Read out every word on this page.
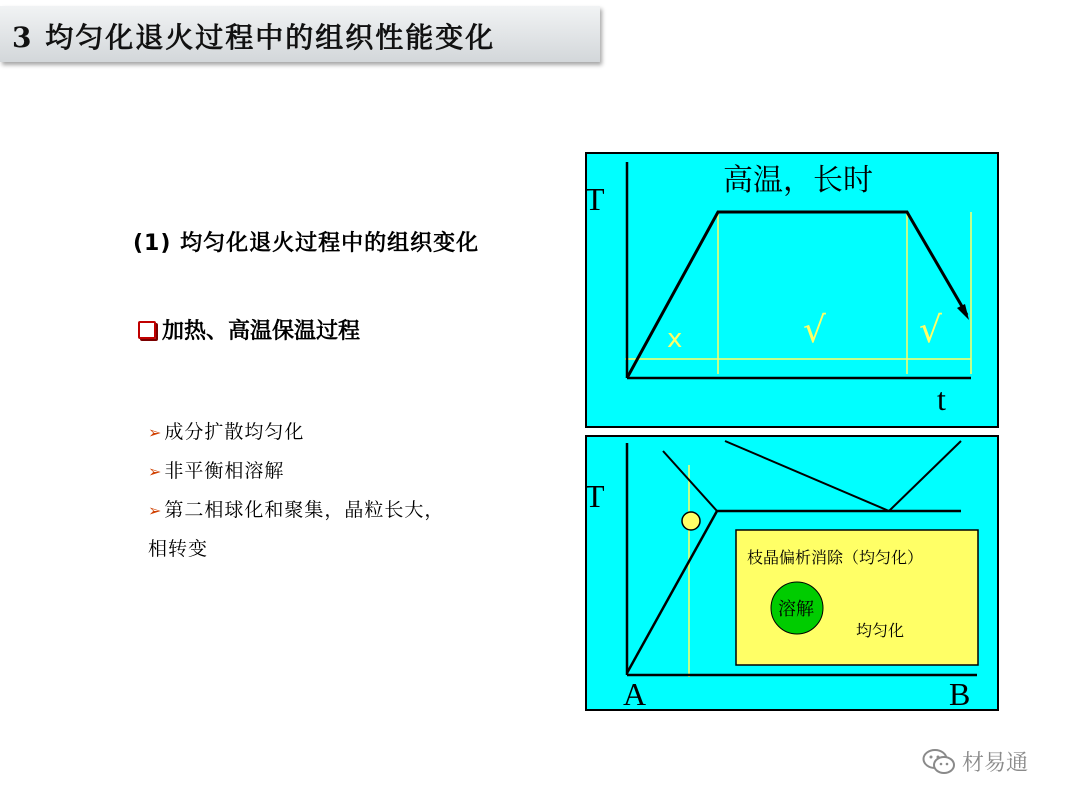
3 均匀化退火过程中的组织性能变化
(1) 均匀化退火过程中的组织变化
加热、高温保温过程
➢ 成分扩散均匀化
➢ 非平衡相溶解
➢ 第二相球化和聚集，晶粒长大，
相转变
高温，长时
T
t
x	√	√
枝晶偏析消除（均匀化）
溶解
均匀化
T
A	B
材易通
